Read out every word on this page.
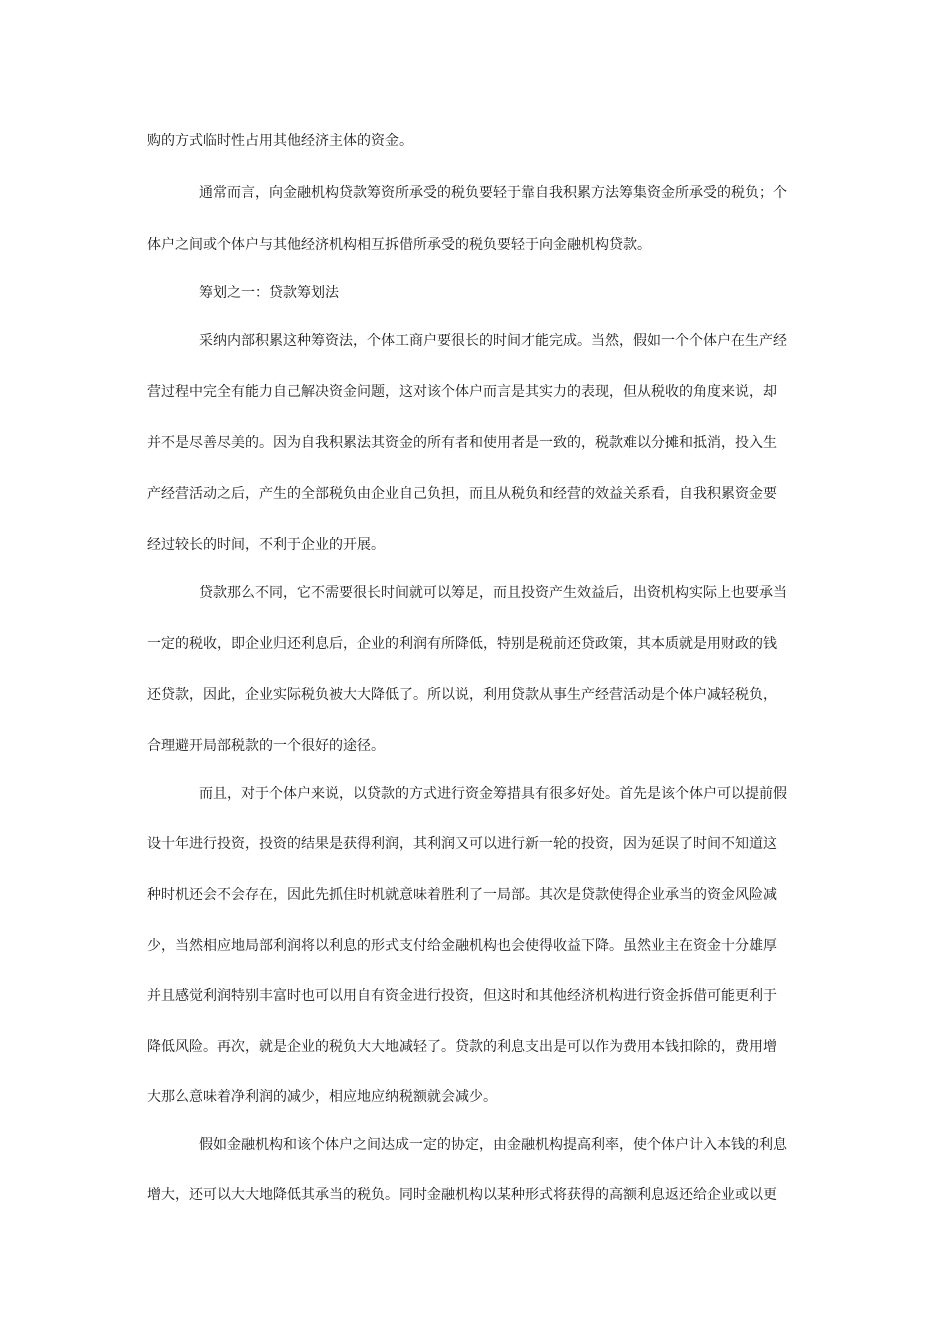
购的方式临时性占用其他经济主体的资金。
通常而言，向金融机构贷款筹资所承受的税负要轻于靠自我积累方法筹集资金所承受的税负；个
体户之间或个体户与其他经济机构相互拆借所承受的税负要轻于向金融机构贷款。
筹划之一：贷款筹划法
采纳内部积累这种筹资法，个体工商户要很长的时间才能完成。当然，假如一个个体户在生产经
营过程中完全有能力自己解决资金问题，这对该个体户而言是其实力的表现，但从税收的角度来说，却
并不是尽善尽美的。因为自我积累法其资金的所有者和使用者是一致的，税款难以分摊和抵消，投入生
产经营活动之后，产生的全部税负由企业自己负担，而且从税负和经营的效益关系看，自我积累资金要
经过较长的时间，不利于企业的开展。
贷款那么不同，它不需要很长时间就可以筹足，而且投资产生效益后，出资机构实际上也要承当
一定的税收，即企业归还利息后，企业的利润有所降低，特别是税前还贷政策，其本质就是用财政的钱
还贷款，因此，企业实际税负被大大降低了。所以说，利用贷款从事生产经营活动是个体户减轻税负，
合理避开局部税款的一个很好的途径。
而且，对于个体户来说，以贷款的方式进行资金筹措具有很多好处。首先是该个体户可以提前假
设十年进行投资，投资的结果是获得利润，其利润又可以进行新一轮的投资，因为延误了时间不知道这
种时机还会不会存在，因此先抓住时机就意味着胜利了一局部。其次是贷款使得企业承当的资金风险减
少，当然相应地局部利润将以利息的形式支付给金融机构也会使得收益下降。虽然业主在资金十分雄厚
并且感觉利润特别丰富时也可以用自有资金进行投资，但这时和其他经济机构进行资金拆借可能更利于
降低风险。再次，就是企业的税负大大地减轻了。贷款的利息支出是可以作为费用本钱扣除的，费用增
大那么意味着净利润的减少，相应地应纳税额就会减少。
假如金融机构和该个体户之间达成一定的协定，由金融机构提高利率，使个体户计入本钱的利息
增大，还可以大大地降低其承当的税负。同时金融机构以某种形式将获得的高额利息返还给企业或以更
